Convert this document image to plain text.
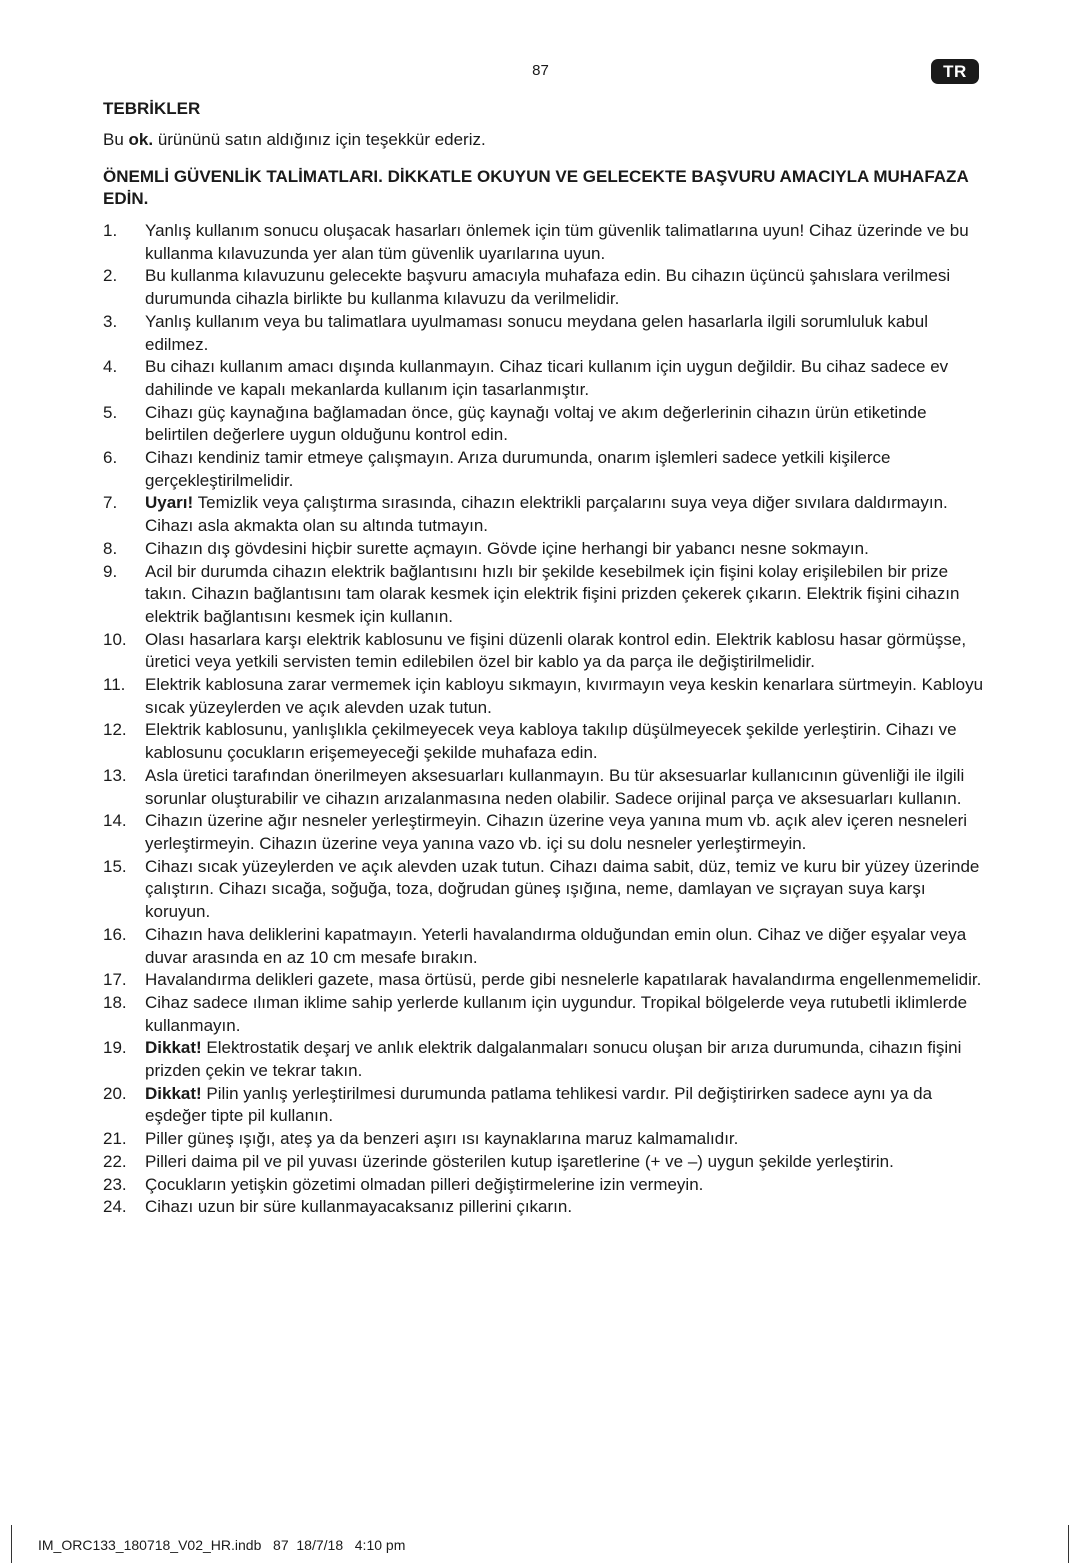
87	TR
TEBRİKLER

Bu ok. ürününü satın aldığınız için teşekkür ederiz.

ÖNEMLİ GÜVENLİK TALİMATLARI. DİKKATLE OKUYUN VE GELECEKTE BAŞVURU AMACIYLA MUHAFAZA EDİN.
1. Yanlış kullanım sonucu oluşacak hasarları önlemek için tüm güvenlik talimatlarına uyun! Cihaz üzerinde ve bu kullanma kılavuzunda yer alan tüm güvenlik uyarılarına uyun.
2. Bu kullanma kılavuzunu gelecekte başvuru amacıyla muhafaza edin. Bu cihazın üçüncü şahıslara verilmesi durumunda cihazla birlikte bu kullanma kılavuzu da verilmelidir.
3. Yanlış kullanım veya bu talimatlara uyulmaması sonucu meydana gelen hasarlarla ilgili sorumluluk kabul edilmez.
4. Bu cihazı kullanım amacı dışında kullanmayın. Cihaz ticari kullanım için uygun değildir. Bu cihaz sadece ev dahilinde ve kapalı mekanlarda kullanım için tasarlanmıştır.
5. Cihazı güç kaynağına bağlamadan önce, güç kaynağı voltaj ve akım değerlerinin cihazın ürün etiketinde belirtilen değerlere uygun olduğunu kontrol edin.
6. Cihazı kendiniz tamir etmeye çalışmayın. Arıza durumunda, onarım işlemleri sadece yetkili kişilerce gerçekleştirilmelidir.
7. Uyarı! Temizlik veya çalıştırma sırasında, cihazın elektrikli parçalarını suya veya diğer sıvılara daldırmayın. Cihazı asla akmakta olan su altında tutmayın.
8. Cihazın dış gövdesini hiçbir surette açmayın. Gövde içine herhangi bir yabancı nesne sokmayın.
9. Acil bir durumda cihazın elektrik bağlantısını hızlı bir şekilde kesebilmek için fişini kolay erişilebilen bir prize takın. Cihazın bağlantısını tam olarak kesmek için elektrik fişini prizden çekerek çıkarın. Elektrik fişini cihazın elektrik bağlantısını kesmek için kullanın.
10. Olası hasarlara karşı elektrik kablosunu ve fişini düzenli olarak kontrol edin. Elektrik kablosu hasar görmüşse, üretici veya yetkili servisten temin edilebilen özel bir kablo ya da parça ile değiştirilmelidir.
11. Elektrik kablosuna zarar vermemek için kabloyu sıkmayın, kıvırmayın veya keskin kenarlara sürtmeyin. Kabloyu sıcak yüzeylerden ve açık alevden uzak tutun.
12. Elektrik kablosunu, yanlışlıkla çekilmeyecek veya kabloya takılıp düşülmeyecek şekilde yerleştirin. Cihazı ve kablosunu çocukların erişemeyeceği şekilde muhafaza edin.
13. Asla üretici tarafından önerilmeyen aksesuarları kullanmayın. Bu tür aksesuarlar kullanıcının güvenliği ile ilgili sorunlar oluşturabilir ve cihazın arızalanmasına neden olabilir. Sadece orijinal parça ve aksesuarları kullanın.
14. Cihazın üzerine ağır nesneler yerleştirmeyin. Cihazın üzerine veya yanına mum vb. açık alev içeren nesneleri yerleştirmeyin. Cihazın üzerine veya yanına vazo vb. içi su dolu nesneler yerleştirmeyin.
15. Cihazı sıcak yüzeylerden ve açık alevden uzak tutun. Cihazı daima sabit, düz, temiz ve kuru bir yüzey üzerinde çalıştırın. Cihazı sıcağa, soğuğa, toza, doğrudan güneş ışığına, neme, damlayan ve sıçrayan suya karşı koruyun.
16. Cihazın hava deliklerini kapatmayın. Yeterli havalandırma olduğundan emin olun. Cihaz ve diğer eşyalar veya duvar arasında en az 10 cm mesafe bırakın.
17. Havalandırma delikleri gazete, masa örtüsü, perde gibi nesnelerle kapatılarak havalandırma engellenmemelidir.
18. Cihaz sadece ılıman iklime sahip yerlerde kullanım için uygundur. Tropikal bölgelerde veya rutubetli iklimlerde kullanmayın.
19. Dikkat! Elektrostatik deşarj ve anlık elektrik dalgalanmaları sonucu oluşan bir arıza durumunda, cihazın fişini prizden çekin ve tekrar takın.
20. Dikkat! Pilin yanlış yerleştirilmesi durumunda patlama tehlikesi vardır. Pil değiştirirken sadece aynı ya da eşdeğer tipte pil kullanın.
21. Piller güneş ışığı, ateş ya da benzeri aşırı ısı kaynaklarına maruz kalmamalıdır.
22. Pilleri daima pil ve pil yuvası üzerinde gösterilen kutup işaretlerine (+ ve –) uygun şekilde yerleştirin.
23. Çocukların yetişkin gözetimi olmadan pilleri değiştirmelerine izin vermeyin.
24. Cihazı uzun bir süre kullanmayacaksanız pillerini çıkarın.
IM_ORC133_180718_V02_HR.indb   87  18/7/18   4:10 pm
